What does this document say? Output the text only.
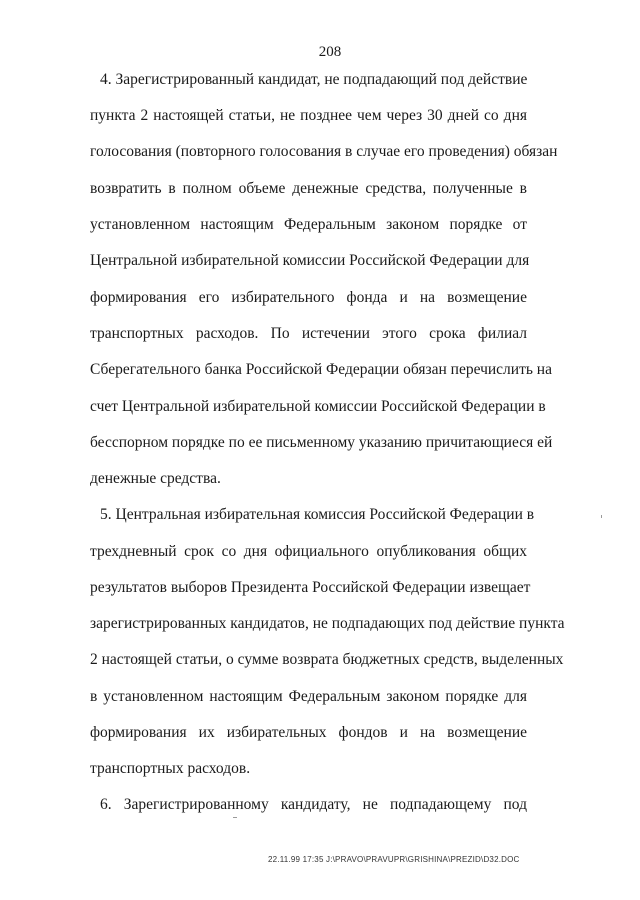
208
4. Зарегистрированный кандидат, не подпадающий под действие
пункта 2 настоящей статьи, не позднее чем через 30 дней со дня
голосования (повторного голосования в случае его проведения) обязан
возвратить в полном объеме денежные средства, полученные в
установленном настоящим Федеральным законом порядке от
Центральной избирательной комиссии Российской Федерации для
формирования его избирательного фонда и на возмещение
транспортных расходов. По истечении этого срока филиал
Сберегательного банка Российской Федерации обязан перечислить на
счет Центральной избирательной комиссии Российской Федерации в
бесспорном порядке по ее письменному указанию причитающиеся ей
денежные средства.
5. Центральная избирательная комиссия Российской Федерации в
трехдневный срок со дня официального опубликования общих
результатов выборов Президента Российской Федерации извещает
зарегистрированных кандидатов, не подпадающих под действие пункта
2 настоящей статьи, о сумме возврата бюджетных средств, выделенных
в установленном настоящим Федеральным законом порядке для
формирования их избирательных фондов и на возмещение
транспортных расходов.
6. Зарегистрированному кандидату, не подпадающему под
22.11.99 17:35 J:\PRAVO\PRAVUPR\GRISHINA\PREZID\D32.DOC
